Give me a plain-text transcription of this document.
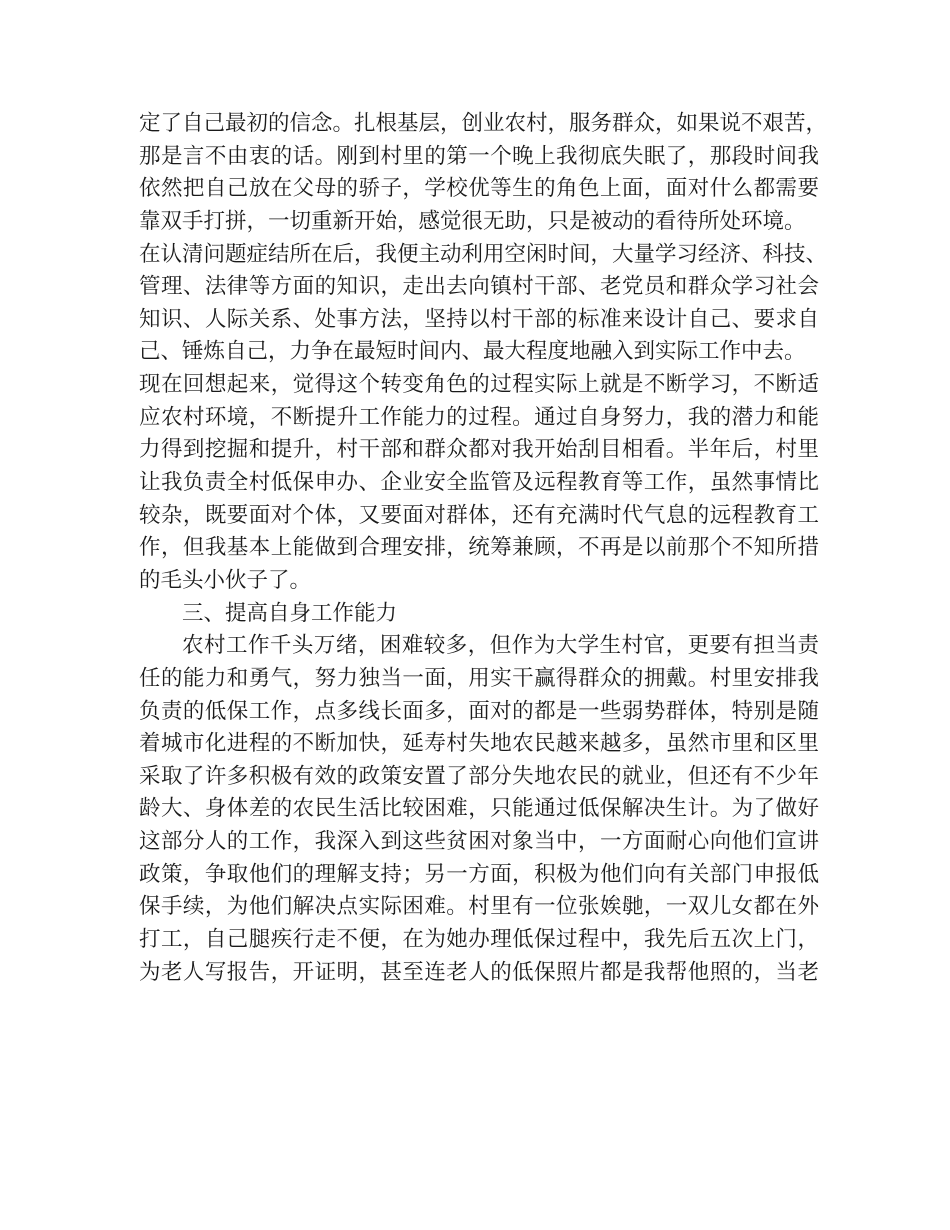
定了自己最初的信念。扎根基层，创业农村，服务群众，如果说不艰苦，
那是言不由衷的话。刚到村里的第一个晚上我彻底失眠了，那段时间我
依然把自己放在父母的骄子，学校优等生的角色上面，面对什么都需要
靠双手打拼，一切重新开始，感觉很无助，只是被动的看待所处环境。
在认清问题症结所在后，我便主动利用空闲时间，大量学习经济、科技、
管理、法律等方面的知识，走出去向镇村干部、老党员和群众学习社会
知识、人际关系、处事方法，坚持以村干部的标准来设计自己、要求自
己、锤炼自己，力争在最短时间内、最大程度地融入到实际工作中去。
现在回想起来，觉得这个转变角色的过程实际上就是不断学习，不断适
应农村环境，不断提升工作能力的过程。通过自身努力，我的潜力和能
力得到挖掘和提升，村干部和群众都对我开始刮目相看。半年后，村里
让我负责全村低保申办、企业安全监管及远程教育等工作，虽然事情比
较杂，既要面对个体，又要面对群体，还有充满时代气息的远程教育工
作，但我基本上能做到合理安排，统筹兼顾，不再是以前那个不知所措
的毛头小伙子了。
三、提高自身工作能力
农村工作千头万绪，困难较多，但作为大学生村官，更要有担当责
任的能力和勇气，努力独当一面，用实干赢得群众的拥戴。村里安排我
负责的低保工作，点多线长面多，面对的都是一些弱势群体，特别是随
着城市化进程的不断加快，延寿村失地农民越来越多，虽然市里和区里
采取了许多积极有效的政策安置了部分失地农民的就业，但还有不少年
龄大、身体差的农民生活比较困难，只能通过低保解决生计。为了做好
这部分人的工作，我深入到这些贫困对象当中，一方面耐心向他们宣讲
政策，争取他们的理解支持；另一方面，积极为他们向有关部门申报低
保手续，为他们解决点实际困难。村里有一位张娭毑，一双儿女都在外
打工，自己腿疾行走不便，在为她办理低保过程中，我先后五次上门，
为老人写报告，开证明，甚至连老人的低保照片都是我帮他照的，当老
